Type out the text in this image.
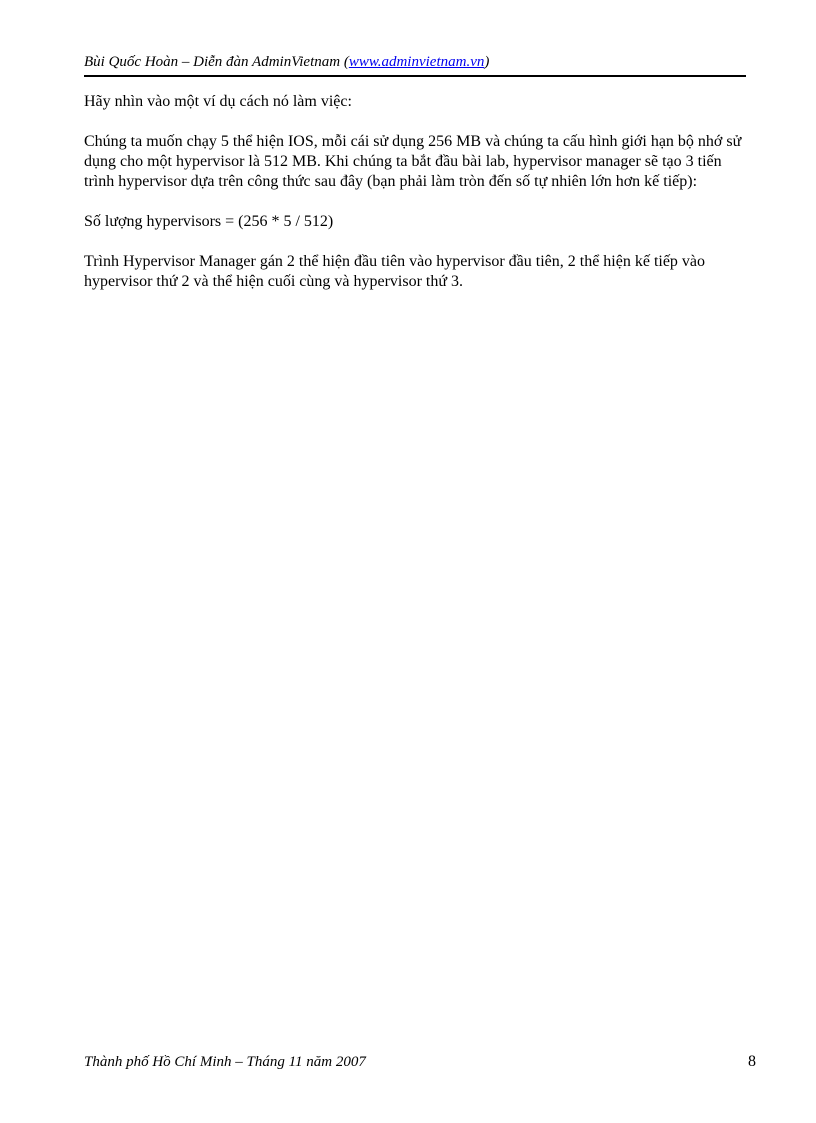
Bùi Quốc Hoàn – Diễn đàn AdminVietnam (www.adminvietnam.vn)

Hãy nhìn vào một ví dụ cách nó làm việc:

Chúng ta muốn chạy 5 thể hiện IOS, mỗi cái sử dụng 256 MB và chúng ta cấu hình giới hạn bộ nhớ sử dụng cho một hypervisor là 512 MB. Khi chúng ta bắt đầu bài lab, hypervisor manager sẽ tạo 3 tiến trình hypervisor dựa trên công thức sau đây (bạn phải làm tròn đến số tự nhiên lớn hơn kế tiếp):

Số lượng hypervisors = (256 * 5 / 512)

Trình Hypervisor Manager gán 2 thể hiện đầu tiên vào hypervisor đầu tiên, 2 thể hiện kế tiếp vào hypervisor thứ 2 và thể hiện cuối cùng và hypervisor thứ 3.

Thành phố Hồ Chí Minh – Tháng 11 năm 2007	8
